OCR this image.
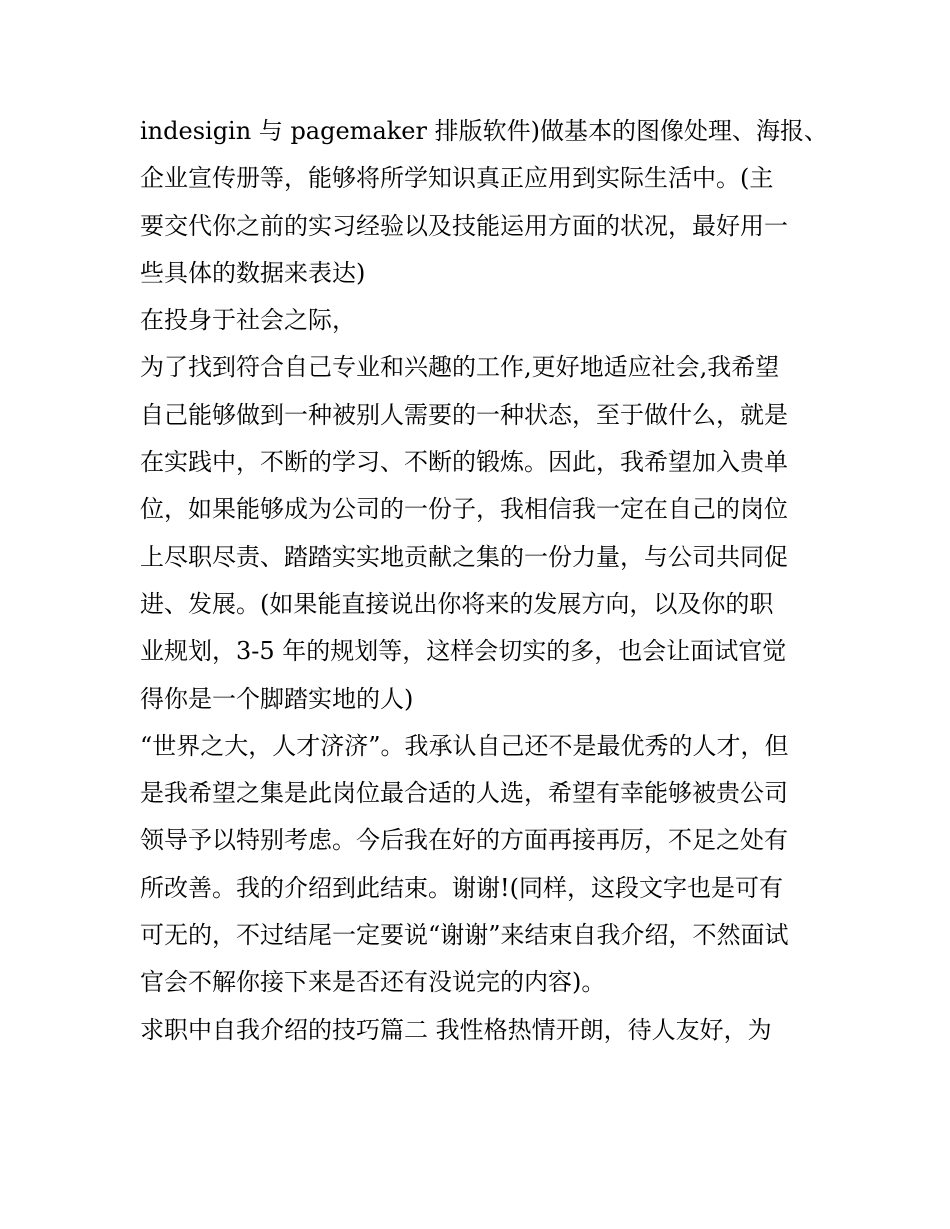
indesigin 与 pagemaker 排版软件)做基本的图像处理、海报、
企业宣传册等，能够将所学知识真正应用到实际生活中。(主
要交代你之前的实习经验以及技能运用方面的状况，最好用一
些具体的数据来表达)
在投身于社会之际，
为了找到符合自己专业和兴趣的工作,更好地适应社会,我希望
自己能够做到一种被别人需要的一种状态，至于做什么，就是
在实践中，不断的学习、不断的锻炼。因此，我希望加入贵单
位，如果能够成为公司的一份子，我相信我一定在自己的岗位
上尽职尽责、踏踏实实地贡献之集的一份力量，与公司共同促
进、发展。(如果能直接说出你将来的发展方向，以及你的职
业规划，3-5 年的规划等，这样会切实的多，也会让面试官觉
得你是一个脚踏实地的人)
“世界之大，人才济济”。我承认自己还不是最优秀的人才，但
是我希望之集是此岗位最合适的人选，希望有幸能够被贵公司
领导予以特别考虑。今后我在好的方面再接再厉，不足之处有
所改善。我的介绍到此结束。谢谢!(同样，这段文字也是可有
可无的，不过结尾一定要说“谢谢”来结束自我介绍，不然面试
官会不解你接下来是否还有没说完的内容)。
求职中自我介绍的技巧篇二 我性格热情开朗，待人友好，为
